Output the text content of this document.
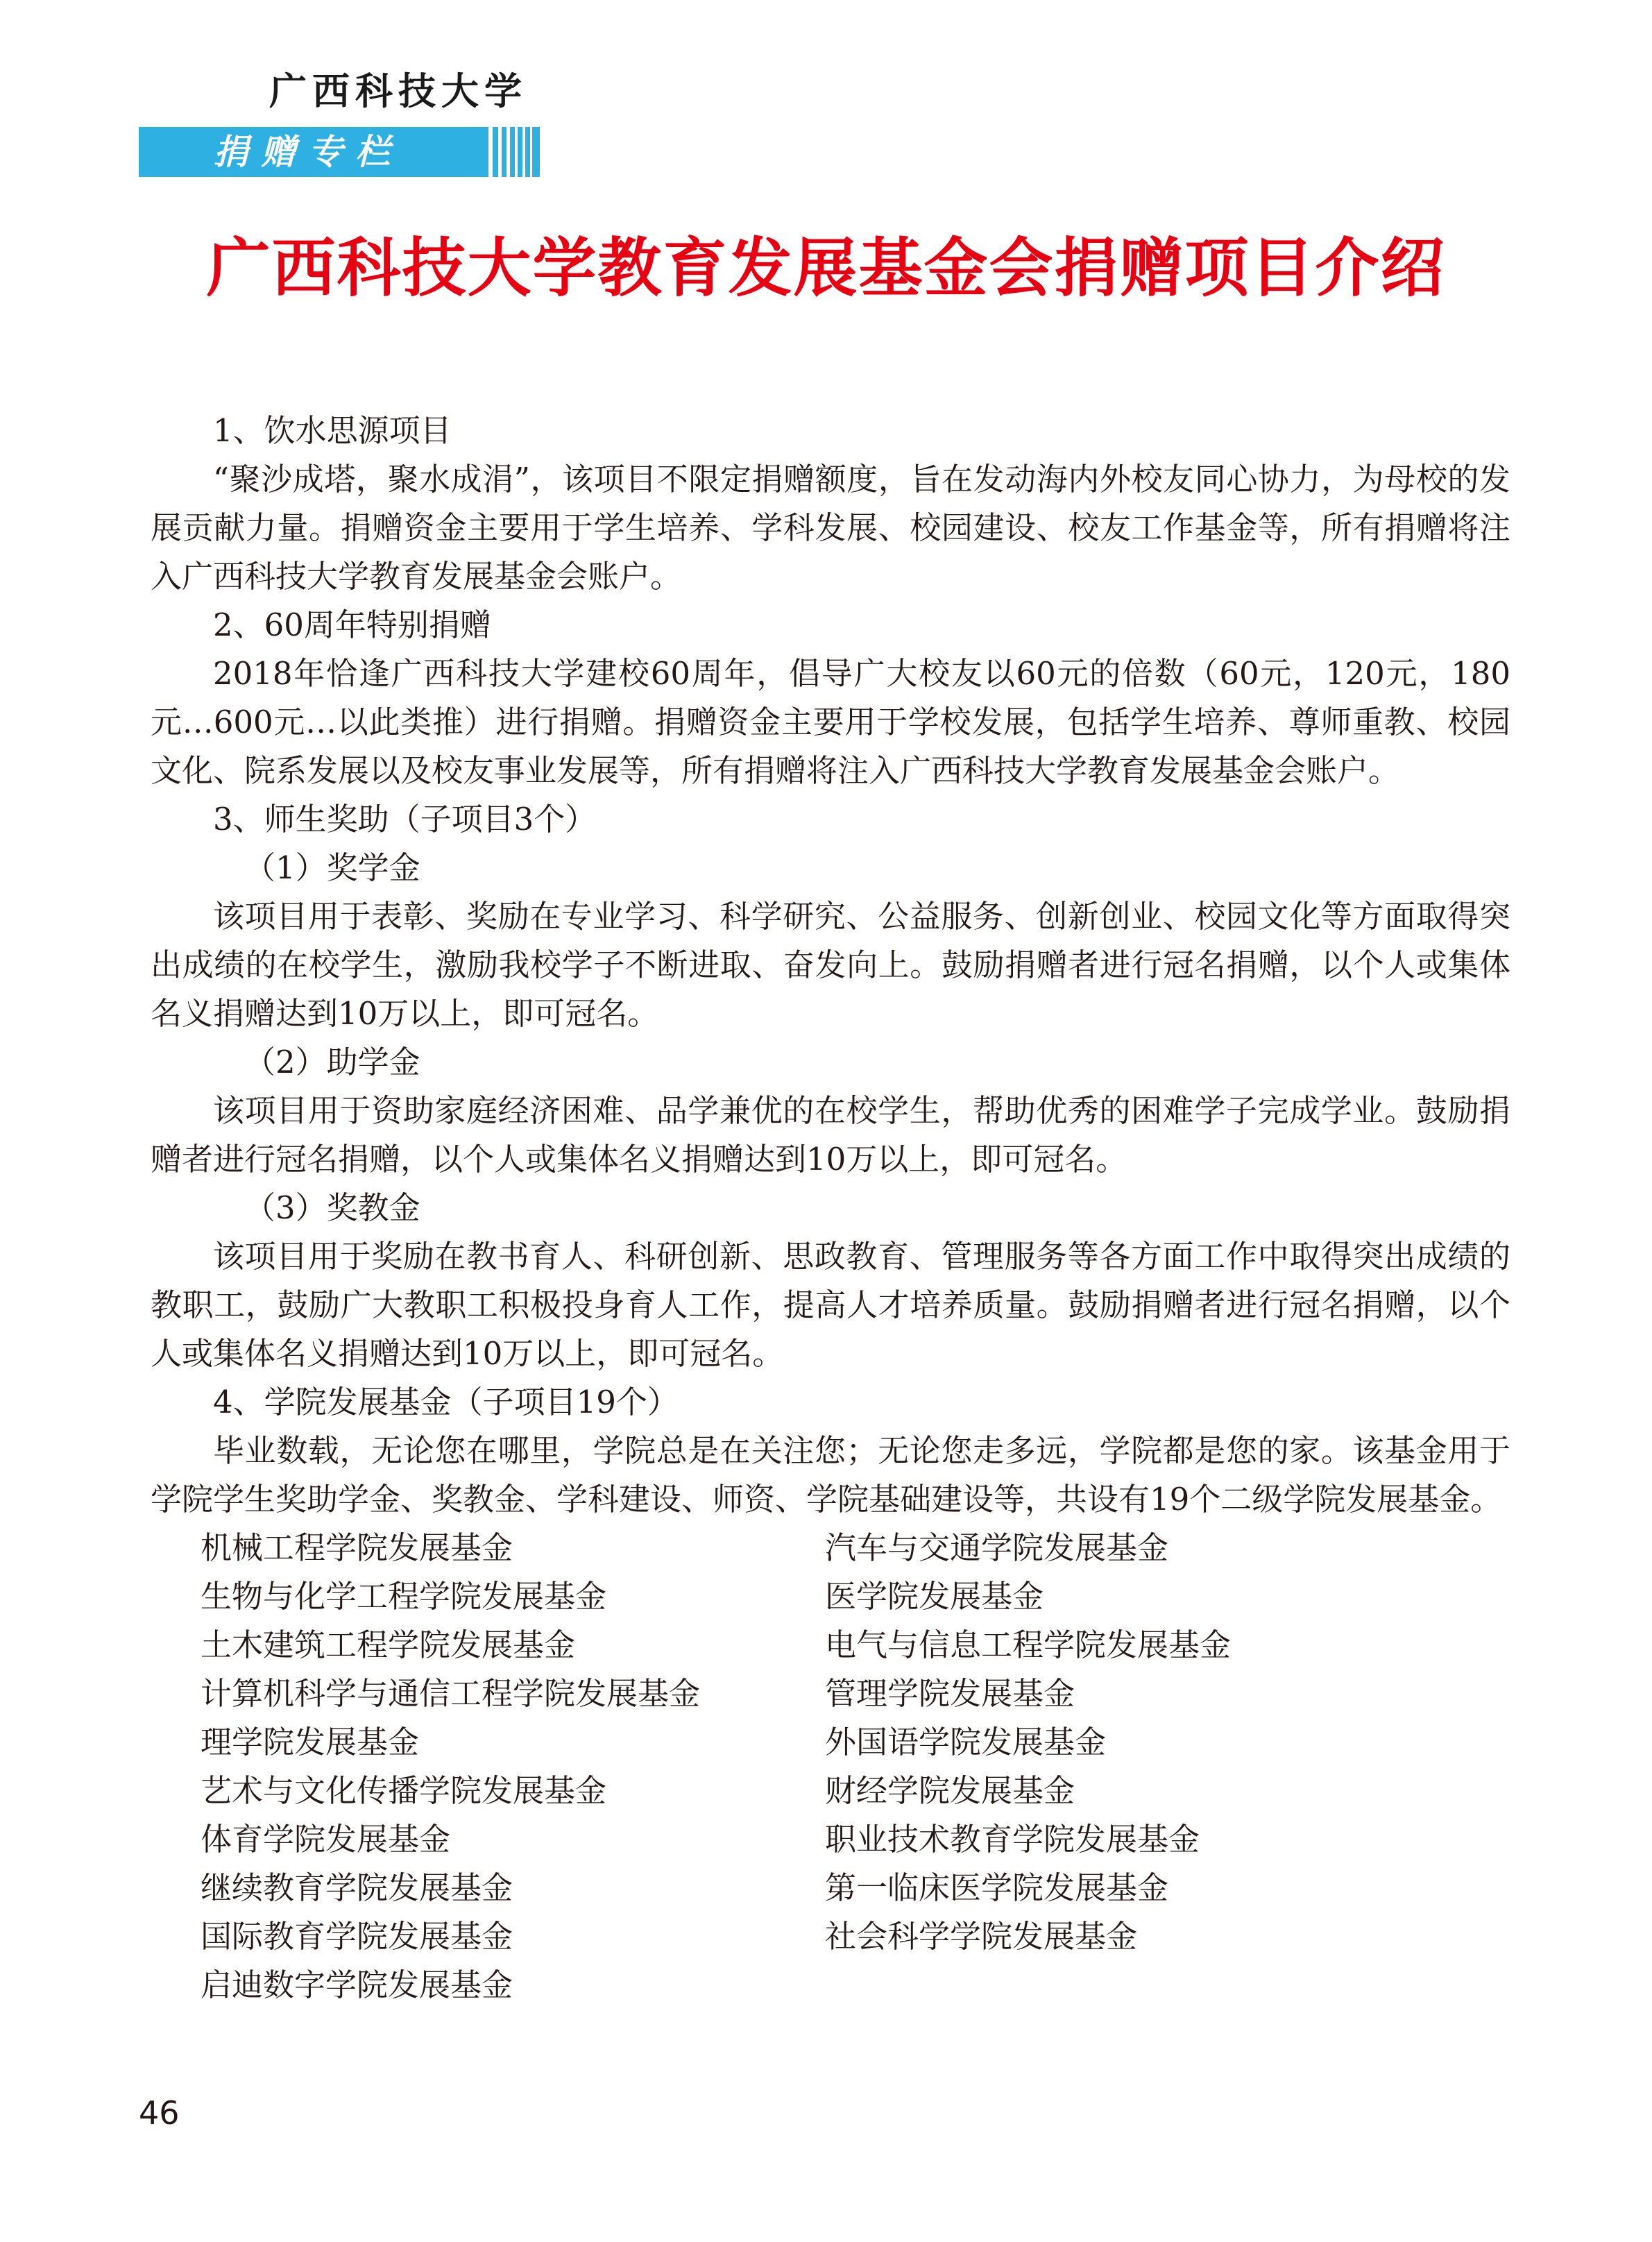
广西科技大学
捐赠专栏
广西科技大学教育发展基金会捐赠项目介绍

1、饮水思源项目

“聚沙成塔，聚水成涓”，该项目不限定捐赠额度，旨在发动海内外校友同心协力，为母校的发展贡献力量。捐赠资金主要用于学生培养、学科发展、校园建设、校友工作基金等，所有捐赠将注入广西科技大学教育发展基金会账户。

2、60周年特别捐赠

2018年恰逢广西科技大学建校60周年，倡导广大校友以60元的倍数（60元，120元，180元…600元…以此类推）进行捐赠。捐赠资金主要用于学校发展，包括学生培养、尊师重教、校园文化、院系发展以及校友事业发展等，所有捐赠将注入广西科技大学教育发展基金会账户。

3、师生奖助（子项目3个）

（1）奖学金

该项目用于表彰、奖励在专业学习、科学研究、公益服务、创新创业、校园文化等方面取得突出成绩的在校学生，激励我校学子不断进取、奋发向上。鼓励捐赠者进行冠名捐赠，以个人或集体名义捐赠达到10万以上，即可冠名。

（2）助学金

该项目用于资助家庭经济困难、品学兼优的在校学生，帮助优秀的困难学子完成学业。鼓励捐赠者进行冠名捐赠，以个人或集体名义捐赠达到10万以上，即可冠名。

（3）奖教金

该项目用于奖励在教书育人、科研创新、思政教育、管理服务等各方面工作中取得突出成绩的教职工，鼓励广大教职工积极投身育人工作，提高人才培养质量。鼓励捐赠者进行冠名捐赠，以个人或集体名义捐赠达到10万以上，即可冠名。

4、学院发展基金（子项目19个）

毕业数载，无论您在哪里，学院总是在关注您；无论您走多远，学院都是您的家。该基金用于学院学生奖助学金、奖教金、学科建设、师资、学院基础建设等，共设有19个二级学院发展基金。

机械工程学院发展基金	汽车与交通学院发展基金
生物与化学工程学院发展基金	医学院发展基金
土木建筑工程学院发展基金	电气与信息工程学院发展基金
计算机科学与通信工程学院发展基金	管理学院发展基金
理学院发展基金	外国语学院发展基金
艺术与文化传播学院发展基金	财经学院发展基金
体育学院发展基金	职业技术教育学院发展基金
继续教育学院发展基金	第一临床医学院发展基金
国际教育学院发展基金	社会科学学院发展基金
启迪数字学院发展基金
46
